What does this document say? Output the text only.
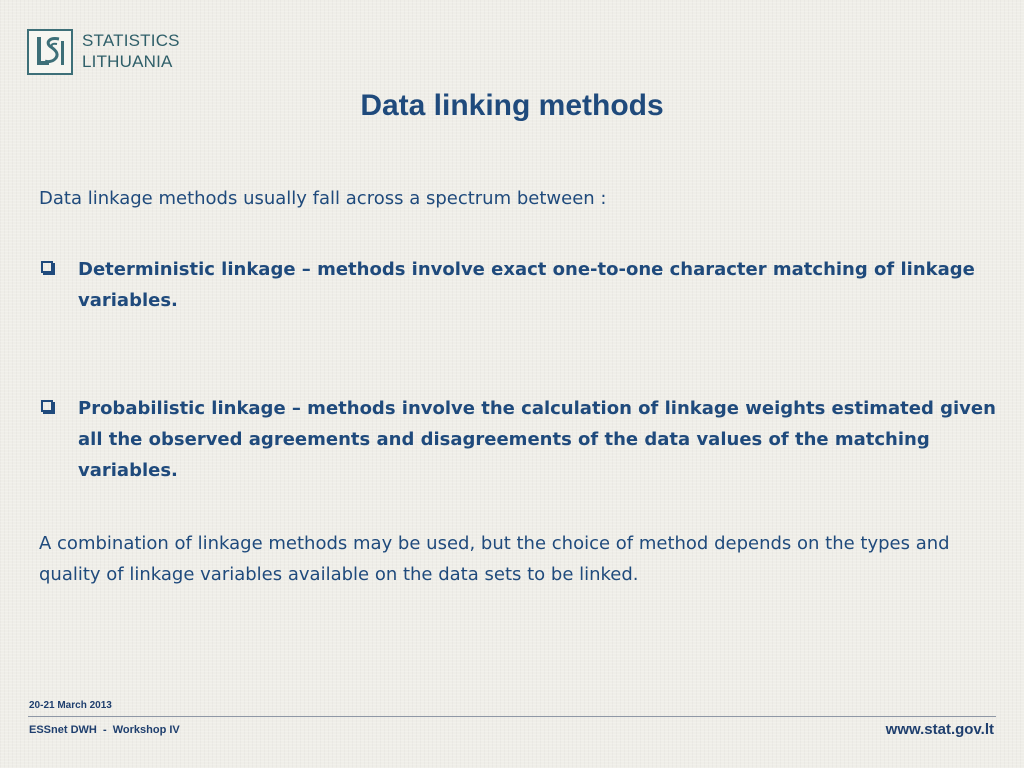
STATISTICS
LITHUANIA
Data linking methods

Data linkage methods usually fall across a spectrum between :

Deterministic linkage – methods involve exact one-to-one character matching of linkage variables.

Probabilistic linkage – methods involve the calculation of linkage weights estimated given all the observed agreements and disagreements of the data values of the matching variables.

A combination of linkage methods may be used, but the choice of method depends on the types and quality of linkage variables available on the data sets to be linked.

20-21 March 2013
ESSnet DWH  -  Workshop IV	www.stat.gov.lt
